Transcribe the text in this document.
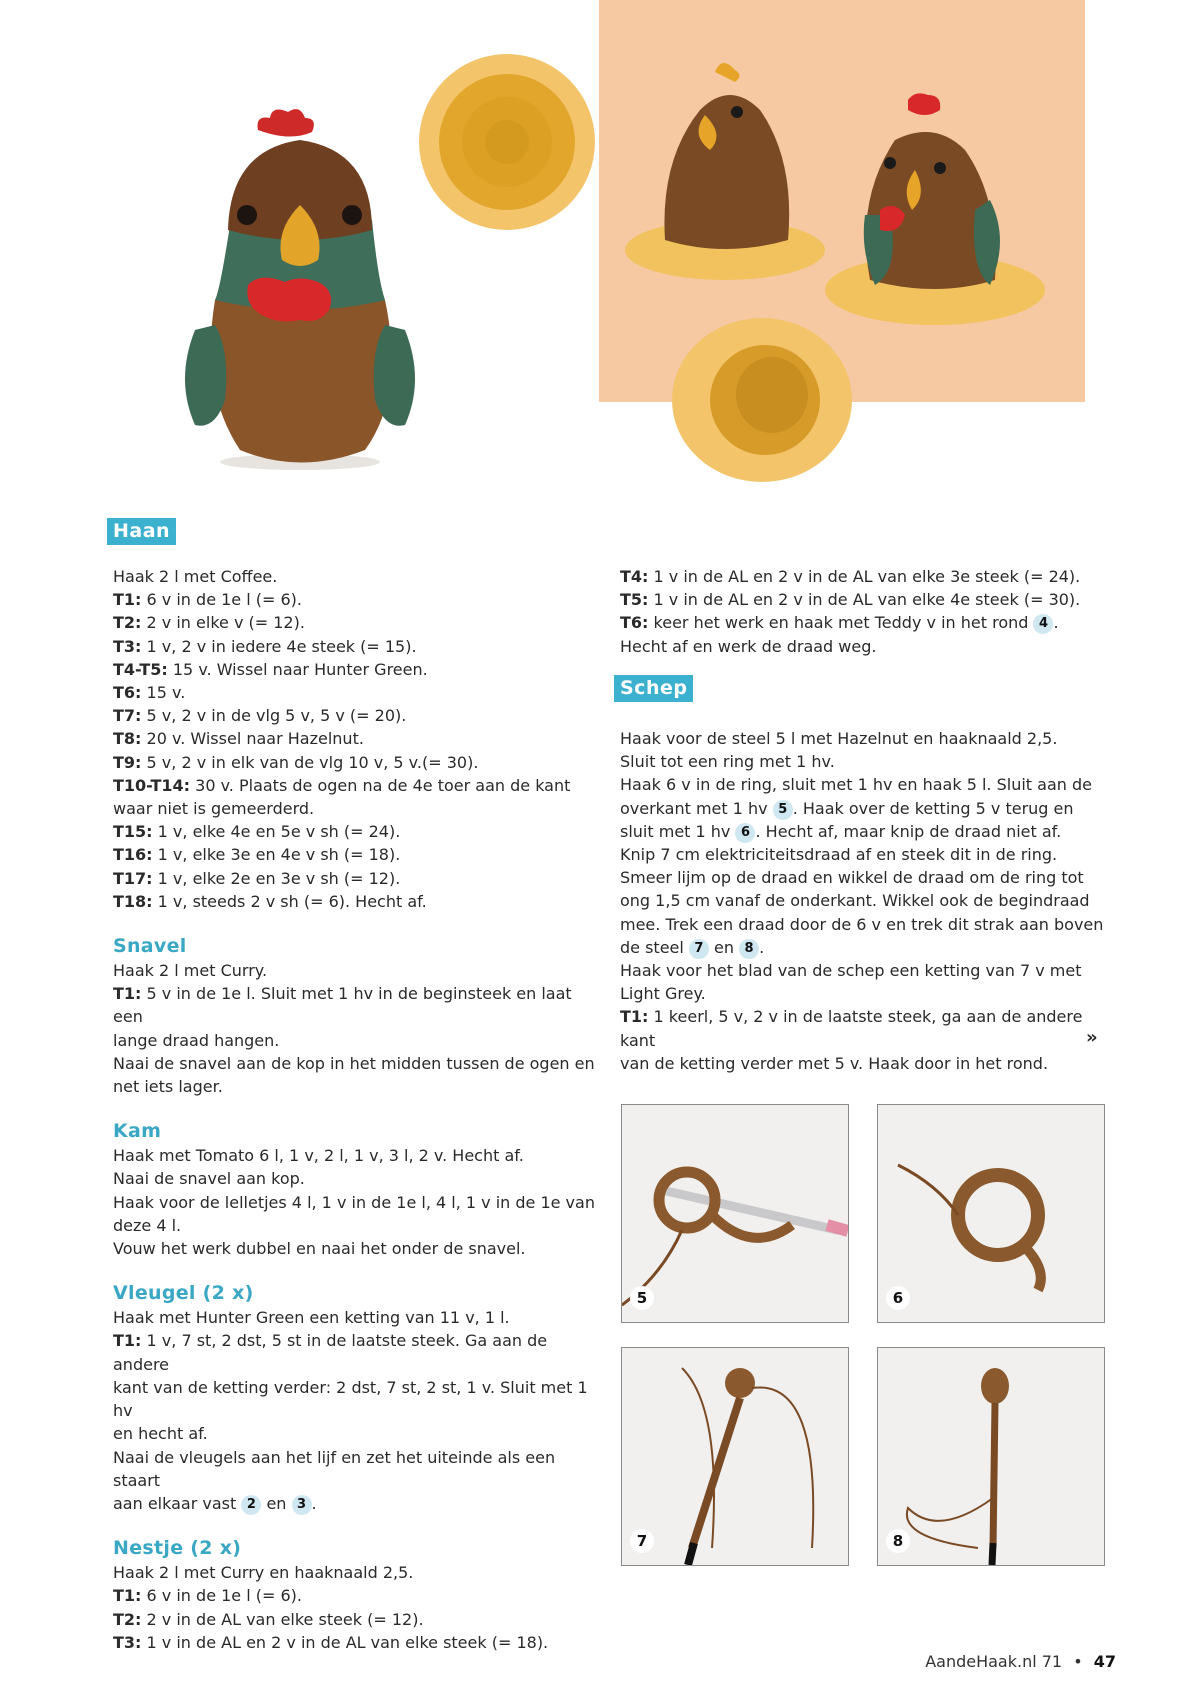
Haan

Haak 2 l met Coffee.

T1: 6 v in de 1e l (= 6).

T2: 2 v in elke v (= 12).

T3: 1 v, 2 v in iedere 4e steek (= 15).

T4-T5: 15 v. Wissel naar Hunter Green.

T6: 15 v.

T7: 5 v, 2 v in de vlg 5 v, 5 v (= 20).

T8: 20 v. Wissel naar Hazelnut.

T9: 5 v, 2 v in elk van de vlg 10 v, 5 v.(= 30).

T10-T14: 30 v. Plaats de ogen na de 4e toer aan de kant

waar niet is gemeerderd.

T15: 1 v, elke 4e en 5e v sh (= 24).

T16: 1 v, elke 3e en 4e v sh (= 18).

T17: 1 v, elke 2e en 3e v sh (= 12).

T18: 1 v, steeds 2 v sh (= 6). Hecht af.

Snavel

Haak 2 l met Curry.

T1: 5 v in de 1e l. Sluit met 1 hv in de beginsteek en laat een

lange draad hangen.

Naai de snavel aan de kop in het midden tussen de ogen en

net iets lager.

Kam

Haak met Tomato 6 l, 1 v, 2 l, 1 v, 3 l, 2 v. Hecht af.

Naai de snavel aan kop.

Haak voor de lelletjes 4 l, 1 v in de 1e l, 4 l, 1 v in de 1e van

deze 4 l.

Vouw het werk dubbel en naai het onder de snavel.

Vleugel (2 x)

Haak met Hunter Green een ketting van 11 v, 1 l.

T1: 1 v, 7 st, 2 dst, 5 st in de laatste steek. Ga aan de andere

kant van de ketting verder: 2 dst, 7 st, 2 st, 1 v. Sluit met 1 hv

en hecht af.

Naai de vleugels aan het lijf en zet het uiteinde als een staart

aan elkaar vast 2 en 3 .

Nestje (2 x)

Haak 2 l met Curry en haaknaald 2,5.

T1: 6 v in de 1e l (= 6).

T2: 2 v in de AL van elke steek (= 12).

T3: 1 v in de AL en 2 v in de AL van elke steek (= 18).

T4: 1 v in de AL en 2 v in de AL van elke 3e steek (= 24).

T5: 1 v in de AL en 2 v in de AL van elke 4e steek (= 30).

T6: keer het werk en haak met Teddy v in het rond 4 .

Hecht af en werk de draad weg.

Schep

Haak voor de steel 5 l met Hazelnut en haaknaald 2,5.

Sluit tot een ring met 1 hv.

Haak 6 v in de ring, sluit met 1 hv en haak 5 l. Sluit aan de

overkant met 1 hv 5 . Haak over de ketting 5 v terug en

sluit met 1 hv 6 . Hecht af, maar knip de draad niet af.

Knip 7 cm elektriciteitsdraad af en steek dit in de ring.

Smeer lijm op de draad en wikkel de draad om de ring tot

ong 1,5 cm vanaf de onderkant. Wikkel ook de begindraad

mee. Trek een draad door de 6 v en trek dit strak aan boven

de steel 7 en 8 .

Haak voor het blad van de schep een ketting van 7 v met

Light Grey.

T1: 1 keerl, 5 v, 2 v in de laatste steek, ga aan de andere kant

van de ketting verder met 5 v. Haak door in het rond.

»
5	6
7	8
AandeHaak.nl 71 • 47
